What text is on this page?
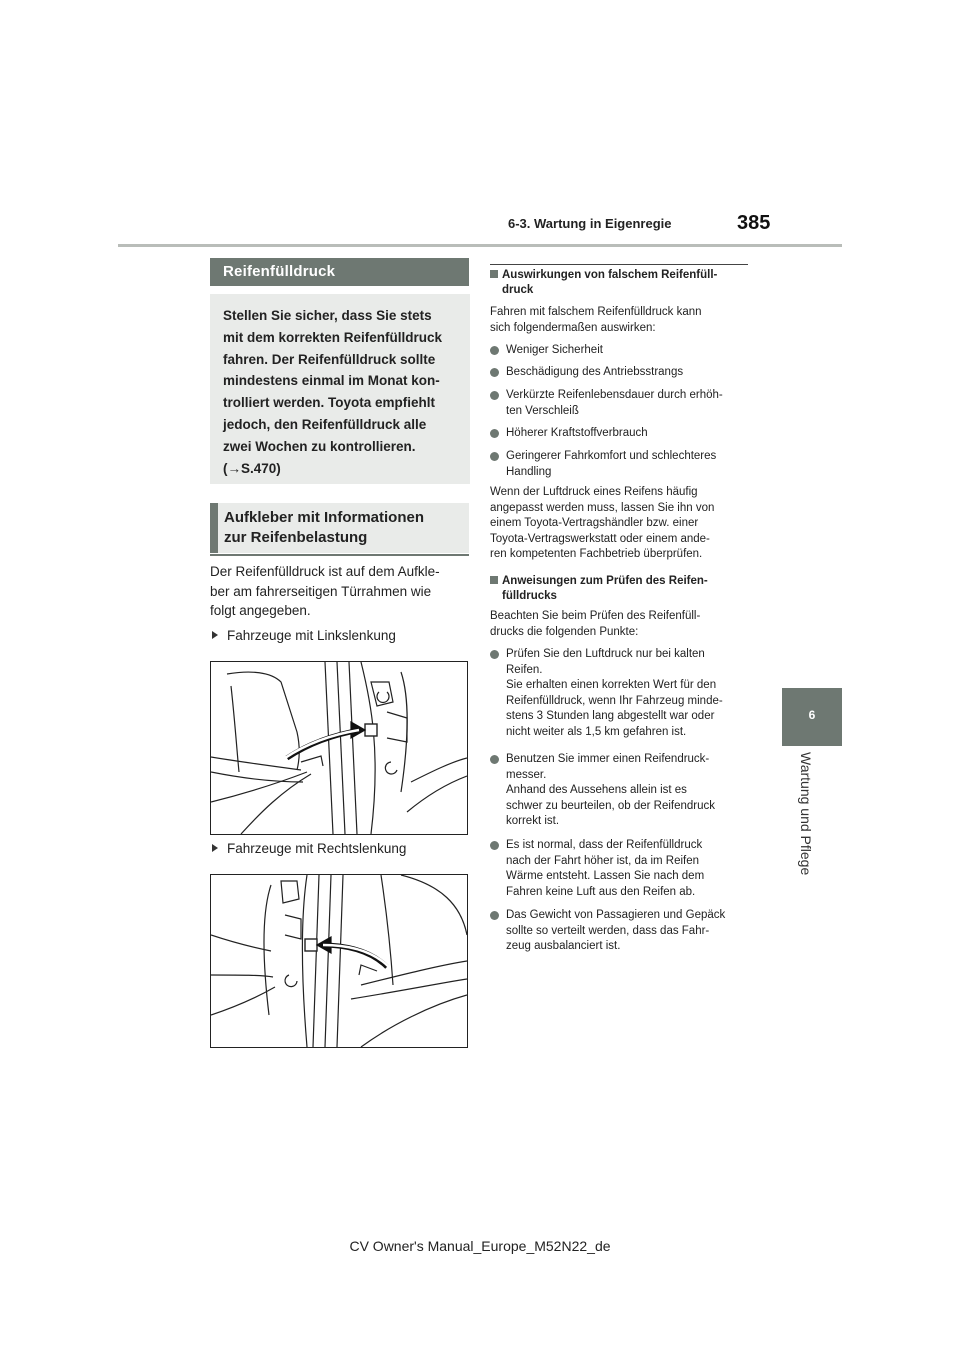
6-3. Wartung in Eigenregie	385
6
Wartung und Pflege
Reifenfülldruck
Stellen Sie sicher, dass Sie stets
mit dem korrekten Reifenfülldruck
fahren. Der Reifenfülldruck sollte
mindestens einmal im Monat kon-
trolliert werden. Toyota empfiehlt
jedoch, den Reifenfülldruck alle
zwei Wochen zu kontrollieren.
(→S.470)
Aufkleber mit Informationen
zur Reifenbelastung
Der Reifenfülldruck ist auf dem Aufkle-
ber am fahrerseitigen Türrahmen wie
folgt angegeben.
Fahrzeuge mit Linkslenkung
Fahrzeuge mit Rechtslenkung
Auswirkungen von falschem Reifenfüll-
druck
Fahren mit falschem Reifenfülldruck kann
sich folgendermaßen auswirken:
Weniger Sicherheit
Beschädigung des Antriebsstrangs
Verkürzte Reifenlebensdauer durch erhöh-
ten Verschleiß
Höherer Kraftstoffverbrauch
Geringerer Fahrkomfort und schlechteres
Handling
Wenn der Luftdruck eines Reifens häufig
angepasst werden muss, lassen Sie ihn von
einem Toyota-Vertragshändler bzw. einer
Toyota-Vertragswerkstatt oder einem ande-
ren kompetenten Fachbetrieb überprüfen.
Anweisungen zum Prüfen des Reifen-
fülldrucks
Beachten Sie beim Prüfen des Reifenfüll-
drucks die folgenden Punkte:
Prüfen Sie den Luftdruck nur bei kalten
Reifen.
Sie erhalten einen korrekten Wert für den
Reifenfülldruck, wenn Ihr Fahrzeug minde-
stens 3 Stunden lang abgestellt war oder
nicht weiter als 1,5 km gefahren ist.
Benutzen Sie immer einen Reifendruck-
messer.
Anhand des Aussehens allein ist es
schwer zu beurteilen, ob der Reifendruck
korrekt ist.
Es ist normal, dass der Reifenfülldruck
nach der Fahrt höher ist, da im Reifen
Wärme entsteht. Lassen Sie nach dem
Fahren keine Luft aus den Reifen ab.
Das Gewicht von Passagieren und Gepäck
sollte so verteilt werden, dass das Fahr-
zeug ausbalanciert ist.
CV Owner's Manual_Europe_M52N22_de
